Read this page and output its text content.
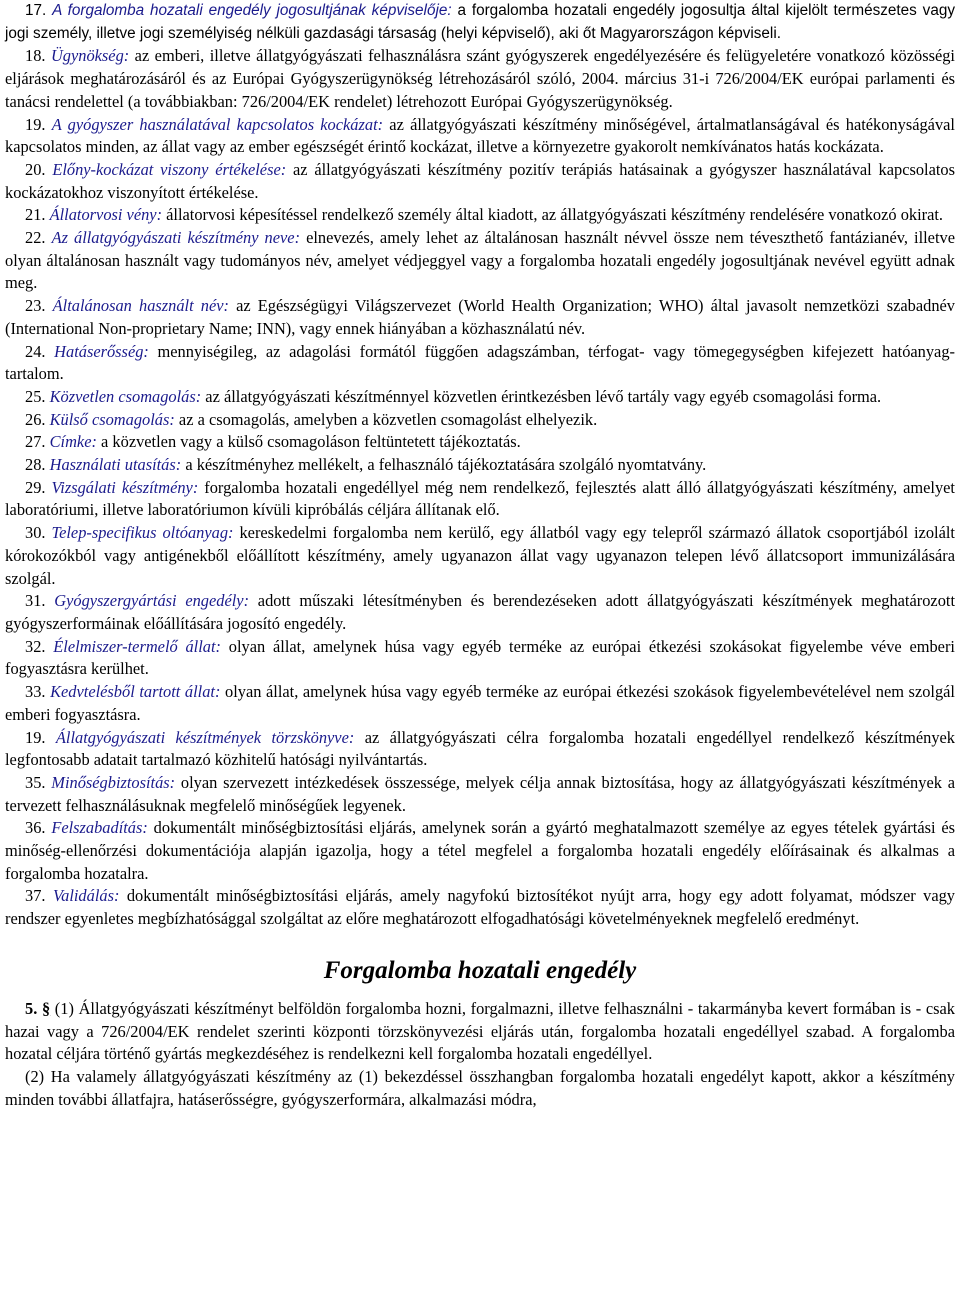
17. A forgalomba hozatali engedély jogosultjának képviselője: a forgalomba hozatali engedély jogosultja által kijelölt természetes vagy jogi személy, illetve jogi személyiség nélküli gazdasági társaság (helyi képviselő), aki őt Magyarországon képviseli.

18. Ügynökség: az emberi, illetve állatgyógyászati felhasználásra szánt gyógyszerek engedélyezésére és felügyeletére vonatkozó közösségi eljárások meghatározásáról és az Európai Gyógyszerügynökség létrehozásáról szóló, 2004. március 31-i 726/2004/EK európai parlamenti és tanácsi rendelettel (a továbbiakban: 726/2004/EK rendelet) létrehozott Európai Gyógyszerügynökség.

19. A gyógyszer használatával kapcsolatos kockázat: az állatgyógyászati készítmény minőségével, ártalmatlanságával és hatékonyságával kapcsolatos minden, az állat vagy az ember egészségét érintő kockázat, illetve a környezetre gyakorolt nemkívánatos hatás kockázata.

20. Előny-kockázat viszony értékelése: az állatgyógyászati készítmény pozitív terápiás hatásainak a gyógyszer használatával kapcsolatos kockázatokhoz viszonyított értékelése.

21. Állatorvosi vény: állatorvosi képesítéssel rendelkező személy által kiadott, az állatgyógyászati készítmény rendelésére vonatkozó okirat.

22. Az állatgyógyászati készítmény neve: elnevezés, amely lehet az általánosan használt névvel össze nem téveszthető fantázianév, illetve olyan általánosan használt vagy tudományos név, amelyet védjeggyel vagy a forgalomba hozatali engedély jogosultjának nevével együtt adnak meg.

23. Általánosan használt név: az Egészségügyi Világszervezet (World Health Organization; WHO) által javasolt nemzetközi szabadnév (International Non-proprietary Name; INN), vagy ennek hiányában a közhasználatú név.

24. Hatáserősség: mennyiségileg, az adagolási formától függően adagszámban, térfogat- vagy tömegegységben kifejezett hatóanyag-tartalom.

25. Közvetlen csomagolás: az állatgyógyászati készítménnyel közvetlen érintkezésben lévő tartály vagy egyéb csomagolási forma.

26. Külső csomagolás: az a csomagolás, amelyben a közvetlen csomagolást elhelyezik.

27. Címke: a közvetlen vagy a külső csomagoláson feltüntetett tájékoztatás.

28. Használati utasítás: a készítményhez mellékelt, a felhasználó tájékoztatására szolgáló nyomtatvány.

29. Vizsgálati készítmény: forgalomba hozatali engedéllyel még nem rendelkező, fejlesztés alatt álló állatgyógyászati készítmény, amelyet laboratóriumi, illetve laboratóriumon kívüli kipróbálás céljára állítanak elő.

30. Telep-specifikus oltóanyag: kereskedelmi forgalomba nem kerülő, egy állatból vagy egy telepről származó állatok csoportjából izolált kórokozókból vagy antigénekből előállított készítmény, amely ugyanazon állat vagy ugyanazon telepen lévő állatcsoport immunizálására szolgál.

31. Gyógyszergyártási engedély: adott műszaki létesítményben és berendezéseken adott állatgyógyászati készítmények meghatározott gyógyszerformáinak előállítására jogosító engedély.

32. Élelmiszer-termelő állat: olyan állat, amelynek húsa vagy egyéb terméke az európai étkezési szokásokat figyelembe véve emberi fogyasztásra kerülhet.

33. Kedvtelésből tartott állat: olyan állat, amelynek húsa vagy egyéb terméke az európai étkezési szokások figyelembevételével nem szolgál emberi fogyasztásra.

19. Állatgyógyászati készítmények törzskönyve: az állatgyógyászati célra forgalomba hozatali engedéllyel rendelkező készítmények legfontosabb adatait tartalmazó közhitelű hatósági nyilvántartás.

35. Minőségbiztosítás: olyan szervezett intézkedések összessége, melyek célja annak biztosítása, hogy az állatgyógyászati készítmények a tervezett felhasználásuknak megfelelő minőségűek legyenek.

36. Felszabadítás: dokumentált minőségbiztosítási eljárás, amelynek során a gyártó meghatalmazott személye az egyes tételek gyártási és minőség-ellenőrzési dokumentációja alapján igazolja, hogy a tétel megfelel a forgalomba hozatali engedély előírásainak és alkalmas a forgalomba hozatalra.

37. Validálás: dokumentált minőségbiztosítási eljárás, amely nagyfokú biztosítékot nyújt arra, hogy egy adott folyamat, módszer vagy rendszer egyenletes megbízhatósággal szolgáltat az előre meghatározott elfogadhatósági követelményeknek megfelelő eredményt.

Forgalomba hozatali engedély

5. § (1) Állatgyógyászati készítményt belföldön forgalomba hozni, forgalmazni, illetve felhasználni - takarmányba kevert formában is - csak hazai vagy a 726/2004/EK rendelet szerinti központi törzskönyvezési eljárás után, forgalomba hozatali engedéllyel szabad. A forgalomba hozatal céljára történő gyártás megkezdéséhez is rendelkezni kell forgalomba hozatali engedéllyel.

(2) Ha valamely állatgyógyászati készítmény az (1) bekezdéssel összhangban forgalomba hozatali engedélyt kapott, akkor a készítmény minden további állatfajra, hatáserősségre, gyógyszerformára, alkalmazási módra,
